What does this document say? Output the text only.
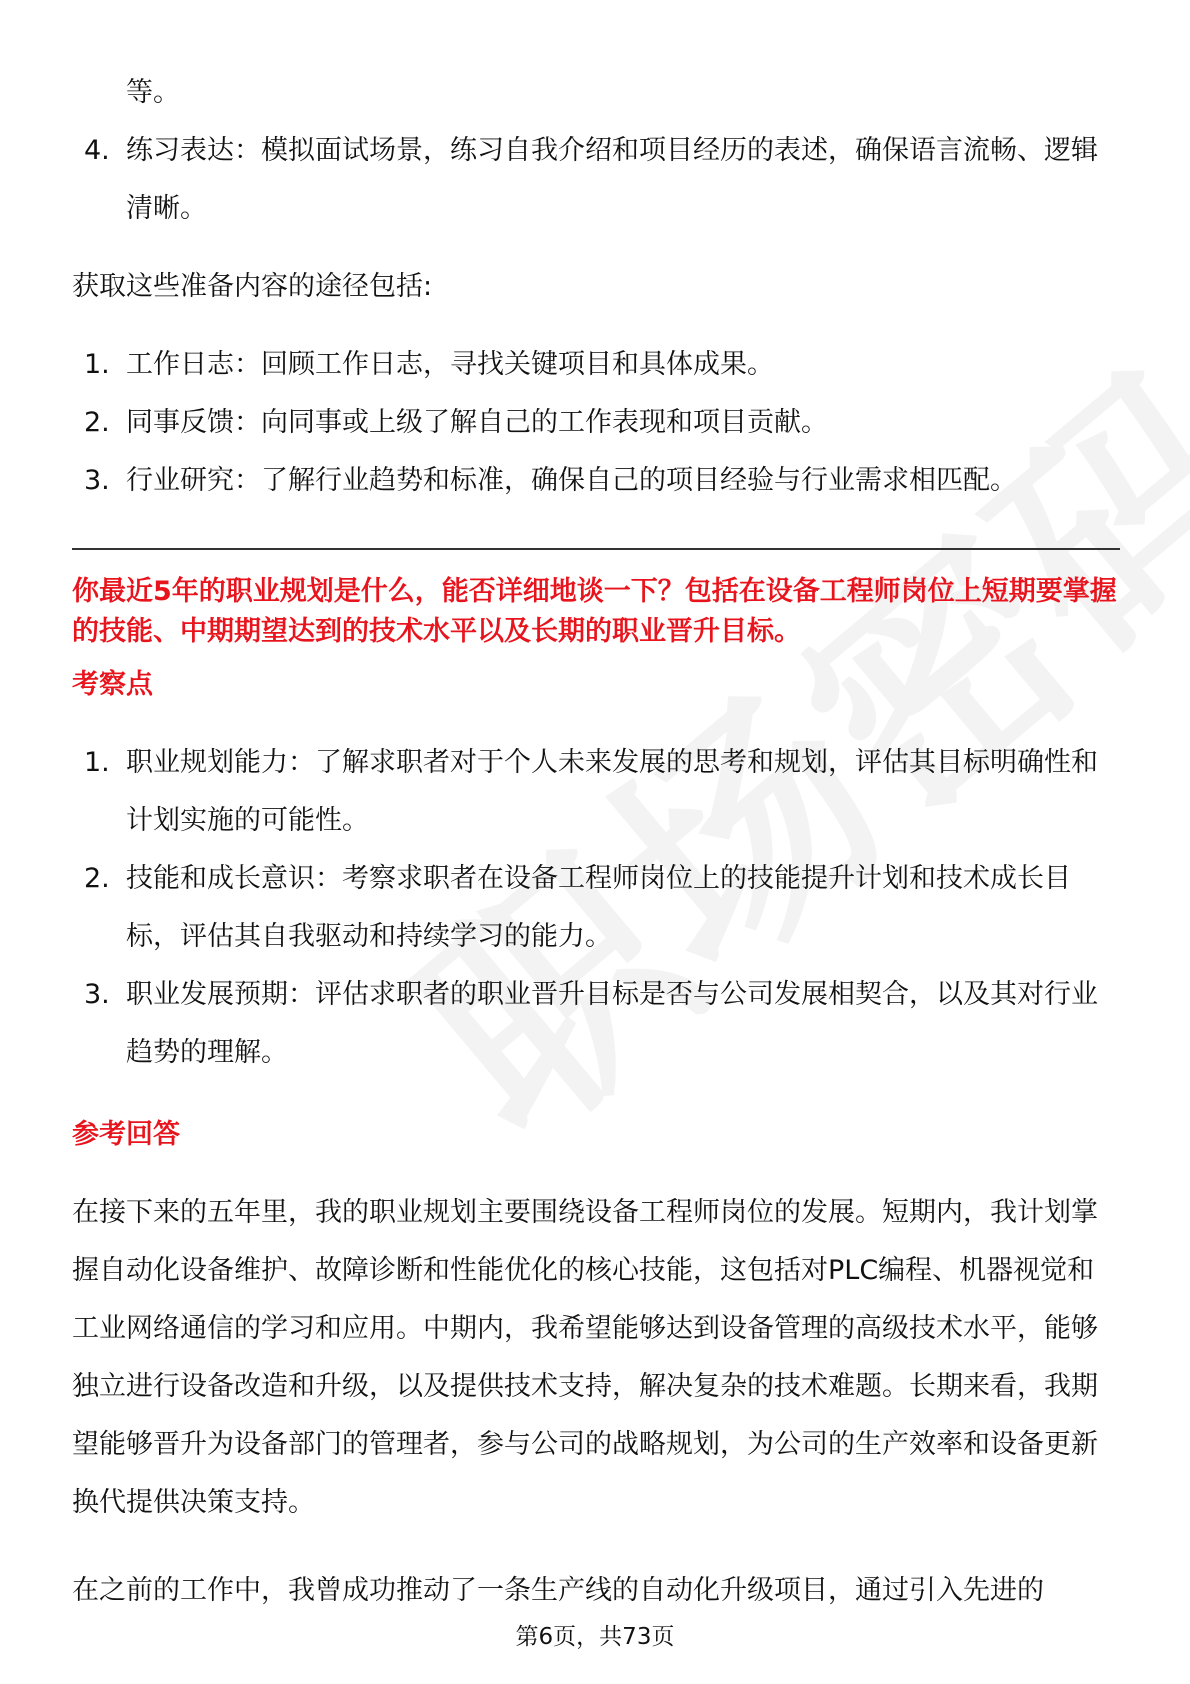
等。

4. 练习表达：模拟面试场景，练习自我介绍和项目经历的表述，确保语言流畅、逻辑清晰。

获取这些准备内容的途径包括:

1. 工作日志：回顾工作日志，寻找关键项目和具体成果。
2. 同事反馈：向同事或上级了解自己的工作表现和项目贡献。
3. 行业研究：了解行业趋势和标准，确保自己的项目经验与行业需求相匹配。

你最近5年的职业规划是什么，能否详细地谈一下？包括在设备工程师岗位上短期要掌握的技能、中期期望达到的技术水平以及长期的职业晋升目标。

考察点

1. 职业规划能力：了解求职者对于个人未来发展的思考和规划，评估其目标明确性和计划实施的可能性。
2. 技能和成长意识：考察求职者在设备工程师岗位上的技能提升计划和技术成长目标，评估其自我驱动和持续学习的能力。
3. 职业发展预期：评估求职者的职业晋升目标是否与公司发展相契合，以及其对行业趋势的理解。

参考回答

在接下来的五年里，我的职业规划主要围绕设备工程师岗位的发展。短期内，我计划掌握自动化设备维护、故障诊断和性能优化的核心技能，这包括对PLC编程、机器视觉和工业网络通信的学习和应用。中期内，我希望能够达到设备管理的高级技术水平，能够独立进行设备改造和升级，以及提供技术支持，解决复杂的技术难题。长期来看，我期望能够晋升为设备部门的管理者，参与公司的战略规划，为公司的生产效率和设备更新换代提供决策支持。

在之前的工作中，我曾成功推动了一条生产线的自动化升级项目，通过引入先进的

第6页，共73页
